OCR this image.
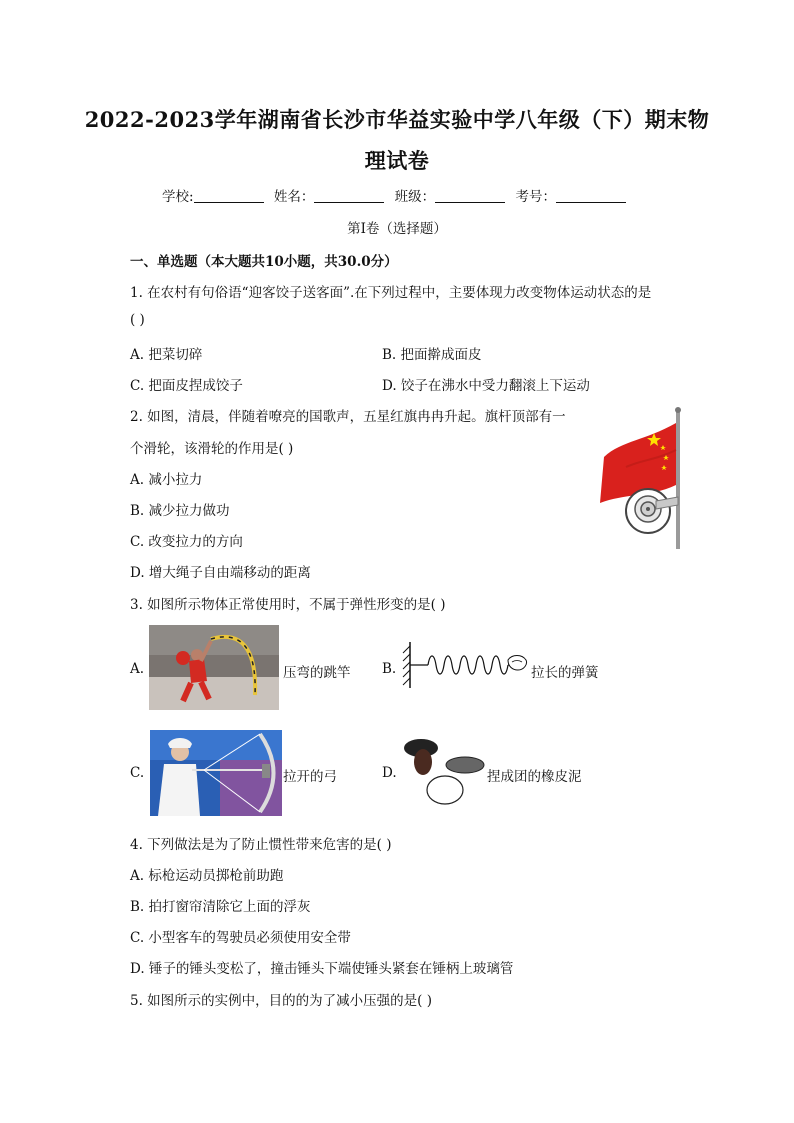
2022-2023学年湖南省长沙市华益实验中学八年级（下）期末物
理试卷
学校:	姓名：	班级：	考号：
第Ⅰ卷（选择题）
一、单选题（本大题共10小题，共30.0分）
1. 在农村有句俗语“迎客饺子送客面”.在下列过程中，主要体现力改变物体运动状态的是
( )
A. 把菜切碎	B. 把面擀成面皮
C. 把面皮捏成饺子	D. 饺子在沸水中受力翻滚上下运动
2. 如图，清晨，伴随着嘹亮的国歌声，五星红旗冉冉升起。旗杆顶部有一
个滑轮，该滑轮的作用是( )
A. 减小拉力
B. 减少拉力做功
C. 改变拉力的方向
D. 增大绳子自由端移动的距离
3. 如图所示物体正常使用时，不属于弹性形变的是( )
A.	压弯的跳竿 B.	拉长的弹簧
C.	拉开的弓	D.	捏成团的橡皮泥
4. 下列做法是为了防止惯性带来危害的是( )
A. 标枪运动员掷枪前助跑
B. 拍打窗帘清除它上面的浮灰
C. 小型客车的驾驶员必须使用安全带
D. 锤子的锤头变松了，撞击锤头下端使锤头紧套在锤柄上玻璃管
5. 如图所示的实例中，目的的为了减小压强的是( )
